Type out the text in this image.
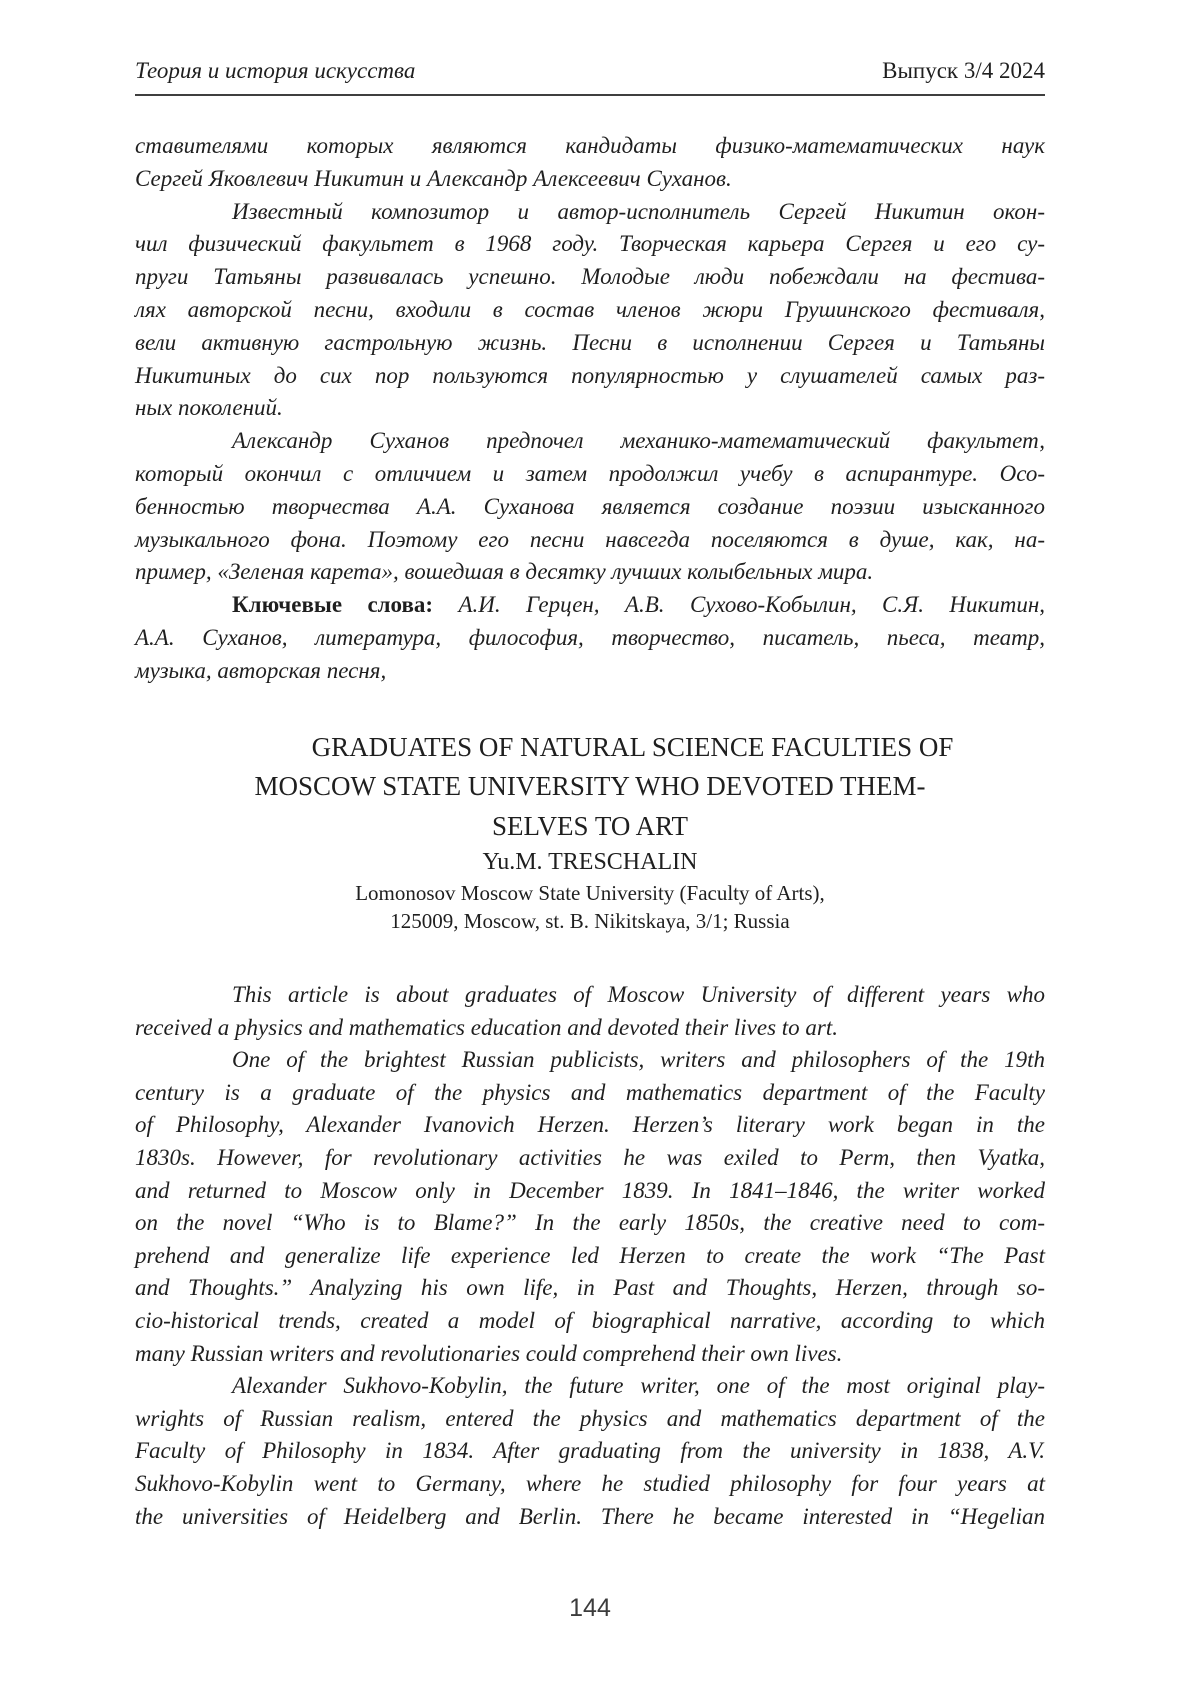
Теория и история искусства	Выпуск 3/4 2024
ставителями которых являются кандидаты физико-математических наук
Сергей Яковлевич Никитин и Александр Алексеевич Суханов.
Известный композитор и автор-исполнитель Сергей Никитин окон-
чил физический факультет в 1968 году. Творческая карьера Сергея и его су-
пруги Татьяны развивалась успешно. Молодые люди побеждали на фестива-
лях авторской песни, входили в состав членов жюри Грушинского фестиваля,
вели активную гастрольную жизнь. Песни в исполнении Сергея и Татьяны
Никитиных до сих пор пользуются популярностью у слушателей самых раз-
ных поколений.
Александр Суханов предпочел механико-математический факультет,
который окончил с отличием и затем продолжил учебу в аспирантуре. Осо-
бенностью творчества А.А. Суханова является создание поэзии изысканного
музыкального фона. Поэтому его песни навсегда поселяются в душе, как, на-
пример, «Зеленая карета», вошедшая в десятку лучших колыбельных мира.
Ключевые слова: А.И. Герцен, А.В. Сухово-Кобылин, С.Я. Никитин,
А.А. Суханов, литература, философия, творчество, писатель, пьеса, театр,
музыка, авторская песня,
GRADUATES OF NATURAL SCIENCE FACULTIES OF
MOSCOW STATE UNIVERSITY WHO DEVOTED THEM-
SELVES TO ART
Yu.M. TRESCHALIN
Lomonosov Moscow State University (Faculty of Arts),
125009, Moscow, st. B. Nikitskaya, 3/1; Russia
This article is about graduates of Moscow University of different years who
received a physics and mathematics education and devoted their lives to art.
One of the brightest Russian publicists, writers and philosophers of the 19th
century is a graduate of the physics and mathematics department of the Faculty
of Philosophy, Alexander Ivanovich Herzen. Herzen’s literary work began in the
1830s. However, for revolutionary activities he was exiled to Perm, then Vyatka,
and returned to Moscow only in December 1839. In 1841–1846, the writer worked
on the novel “Who is to Blame?” In the early 1850s, the creative need to com-
prehend and generalize life experience led Herzen to create the work “The Past
and Thoughts.” Analyzing his own life, in Past and Thoughts, Herzen, through so-
cio-historical trends, created a model of biographical narrative, according to which
many Russian writers and revolutionaries could comprehend their own lives.
Alexander Sukhovo-Kobylin, the future writer, one of the most original play-
wrights of Russian realism, entered the physics and mathematics department of the
Faculty of Philosophy in 1834. After graduating from the university in 1838, A.V.
Sukhovo-Kobylin went to Germany, where he studied philosophy for four years at
the universities of Heidelberg and Berlin. There he became interested in “Hegelian
144
